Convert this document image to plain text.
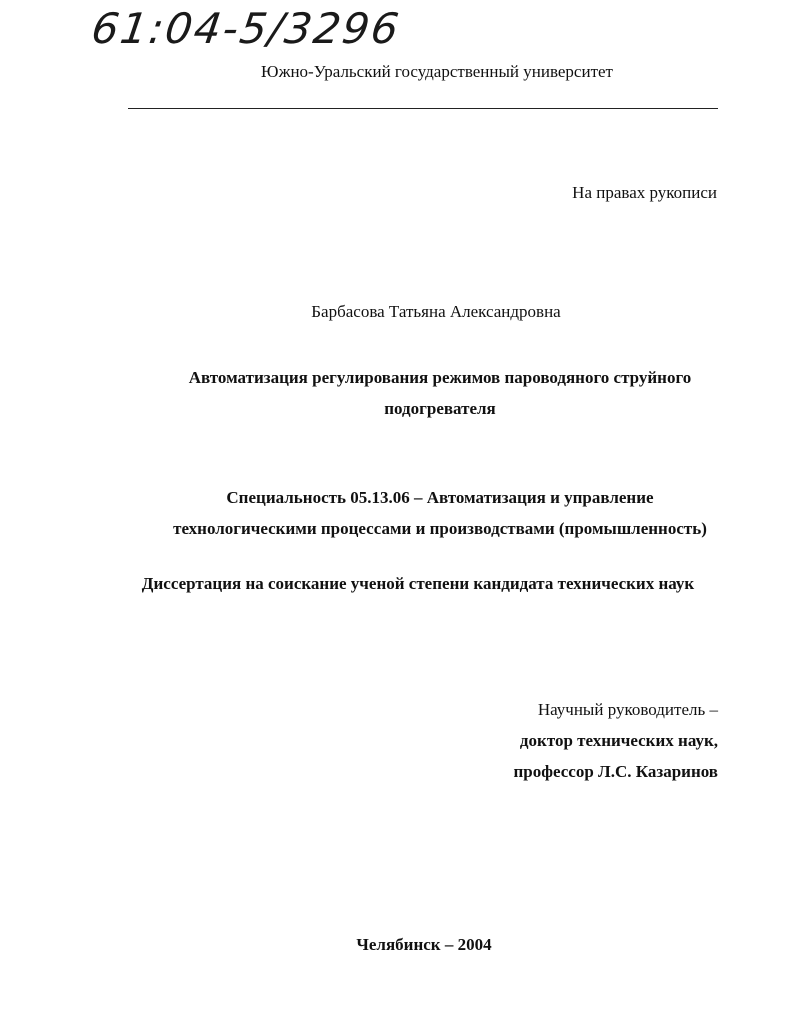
61:04-5/3296
Южно-Уральский государственный университет
На правах рукописи
Барбасова Татьяна Александровна
Автоматизация регулирования режимов пароводяного струйного
подогревателя
Специальность 05.13.06 – Автоматизация и управление
технологическими процессами и производствами (промышленность)
Диссертация на соискание ученой степени кандидата технических наук
Научный руководитель –
доктор технических наук,
профессор Л.С. Казаринов
Челябинск – 2004
